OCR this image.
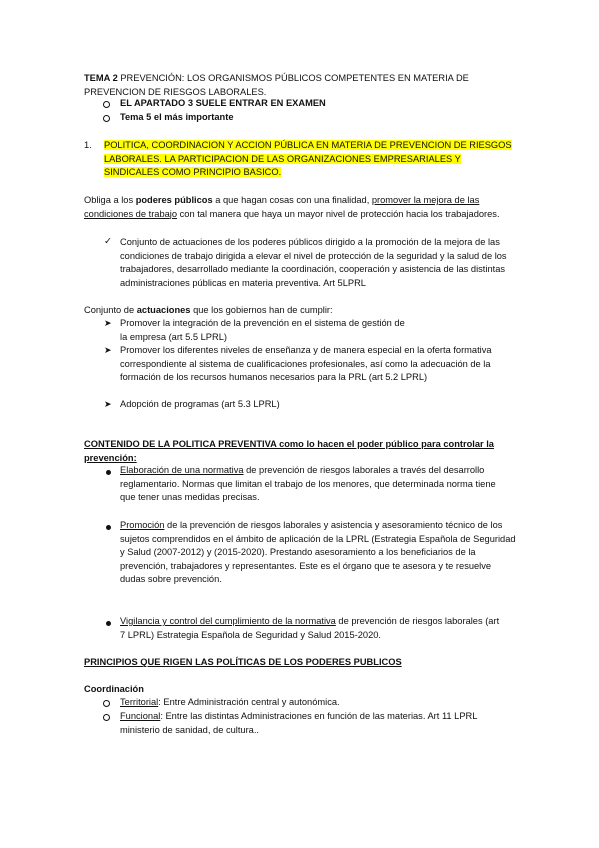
TEMA 2 PREVENCIÓN: LOS ORGANISMOS PÚBLICOS COMPETENTES EN MATERIA DE PREVENCION DE RIESGOS LABORALES.
EL APARTADO 3 SUELE ENTRAR EN EXAMEN
Tema 5 el más importante
1. POLITICA, COORDINACION Y ACCION PÚBLICA EN MATERIA DE PREVENCION DE RIESGOS LABORALES. LA PARTICIPACION DE LAS ORGANIZACIONES EMPRESARIALES Y SINDICALES COMO PRINCIPIO BASICO.
Obliga a los poderes públicos a que hagan cosas con una finalidad, promover la mejora de las condiciones de trabajo con tal manera que haya un mayor nivel de protección hacia los trabajadores.
✓ Conjunto de actuaciones de los poderes públicos dirigido a la promoción de la mejora de las condiciones de trabajo dirigida a elevar el nivel de protección de la seguridad y la salud de los trabajadores, desarrollado mediante la coordinación, cooperación y asistencia de las distintas administraciones públicas en materia preventiva. Art 5LPRL
Conjunto de actuaciones que los gobiernos han de cumplir:
➤ Promover la integración de la prevención en el sistema de gestión de la empresa (art 5.5 LPRL)
➤ Promover los diferentes niveles de enseñanza y de manera especial en la oferta formativa correspondiente al sistema de cualificaciones profesionales, así como la adecuación de la formación de los recursos humanos necesarios para la PRL (art 5.2 LPRL)
➤ Adopción de programas (art 5.3 LPRL)
CONTENIDO DE LA POLITICA PREVENTIVA como lo hacen el poder público para controlar la prevención:
Elaboración de una normativa de prevención de riesgos laborales a través del desarrollo reglamentario. Normas que limitan el trabajo de los menores, que determinada norma tiene que tener unas medidas precisas.
Promoción de la prevención de riesgos laborales y asistencia y asesoramiento técnico de los sujetos comprendidos en el ámbito de aplicación de la LPRL (Estrategia Española de Seguridad y Salud (2007-2012) y (2015-2020). Prestando asesoramiento a los beneficiarios de la prevención, trabajadores y representantes. Este es el órgano que te asesora y te resuelve dudas sobre prevención.
Vigilancia y control del cumplimiento de la normativa de prevención de riesgos laborales (art 7 LPRL) Estrategia Española de Seguridad y Salud 2015-2020.
PRINCIPIOS QUE RIGEN LAS POLÍTICAS DE LOS PODERES PUBLICOS
Coordinación
Territorial: Entre Administración central y autonómica.
Funcional: Entre las distintas Administraciones en función de las materias. Art 11 LPRL ministerio de sanidad, de cultura..
